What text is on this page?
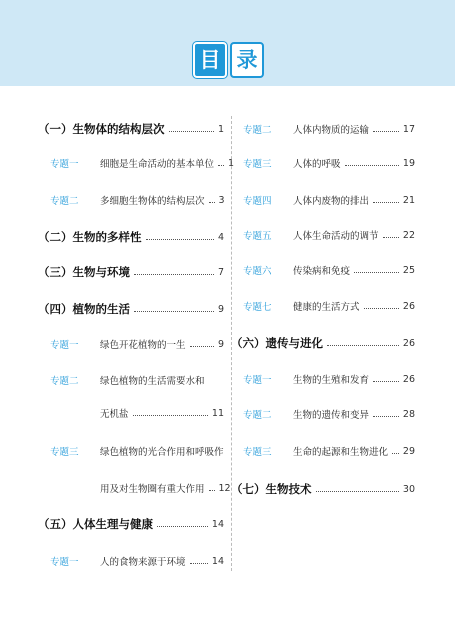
目 录
（一）生物体的结构层次	1
专题一	细胞是生命活动的基本单位 1
专题二	多细胞生物体的结构层次 3
（二）生物的多样性	4
（三）生物与环境	7
（四）植物的生活	9
专题一	绿色开花植物的一生	9
专题二	绿色植物的生活需要水和
无机盐	11
专题三	绿色植物的光合作用和呼吸作
用及对生物圈有重大作用 12
（五）人体生理与健康	14
专题一	人的食物来源于环境	14
专题二	人体内物质的运输	17
专题三	人体的呼吸	19
专题四	人体内废物的排出	21
专题五	人体生命活动的调节	22
专题六	传染病和免疫	25
专题七	健康的生活方式	26
（六）遗传与进化	26
专题一	生物的生殖和发育	26
专题二	生物的遗传和变异	28
专题三	生命的起源和生物进化 29
（七）生物技术	30
